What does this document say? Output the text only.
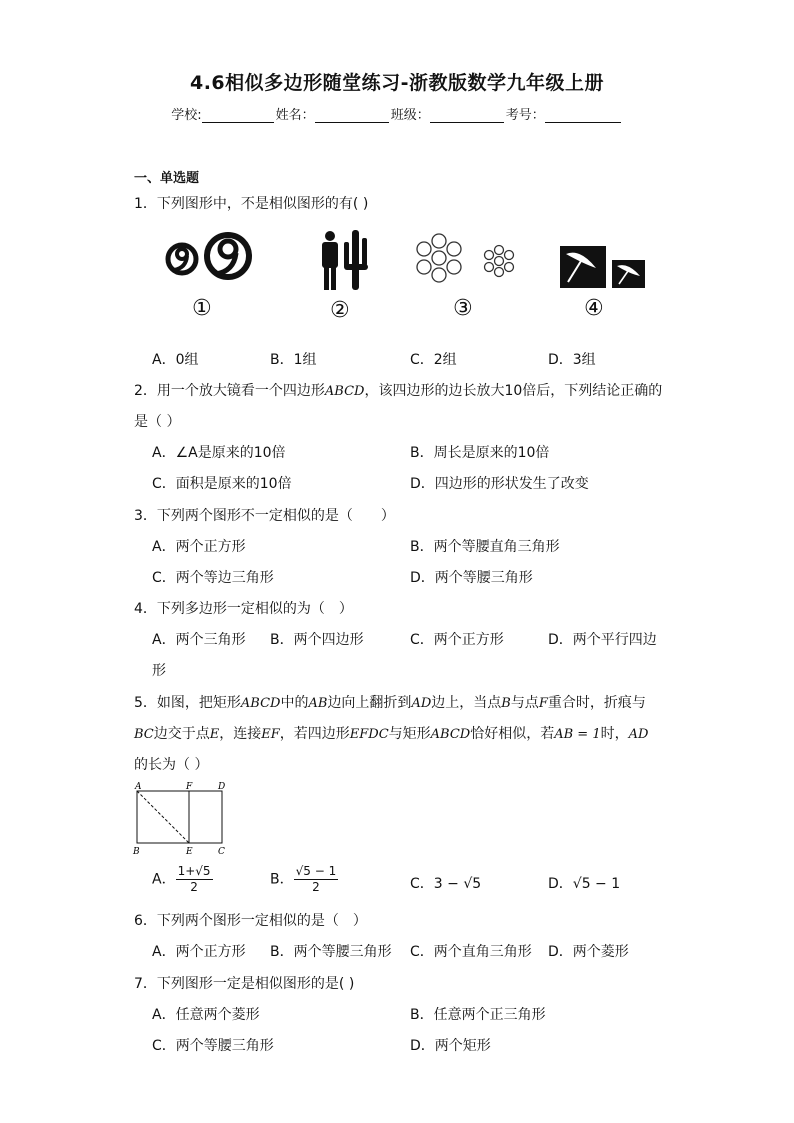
4.6相似多边形随堂练习-浙教版数学九年级上册
学校:	姓名：	班级：	考号：
一、单选题
1．下列图形中，不是相似图形的有( )
①	②	③	④
A．0组	B．1组	C．2组	D．3组
2．用一个放大镜看一个四边形ABCD，该四边形的边长放大10倍后，下列结论正确的
是（ ）
A．∠A是原来的10倍	B．周长是原来的10倍
C．面积是原来的10倍	D．四边形的形状发生了改变
3．下列两个图形不一定相似的是（　　）
A．两个正方形	B．两个等腰直角三角形
C．两个等边三角形	D．两个等腰三角形
4．下列多边形一定相似的为（　）
A．两个三角形 B．两个四边形	C．两个正方形	D．两个平行四边
形
5．如图，把矩形ABCD中的AB边向上翻折到AD边上，当点B与点F重合时，折痕与
BC边交于点E，连接EF，若四边形EFDC与矩形ABCD恰好相似，若AB = 1时，AD
的长为（ ）
A	F	D
B	E	C
A． $\frac{1+√5}{2}$	B． $\frac{√5 - 1}{2}$	C．3 − √5	D．√5 − 1
6．下列两个图形一定相似的是（　）
A．两个正方形 B．两个等腰三角形 C．两个直角三角形 D．两个菱形
7．下列图形一定是相似图形的是( )
A．任意两个菱形	B．任意两个正三角形
C．两个等腰三角形	D．两个矩形
